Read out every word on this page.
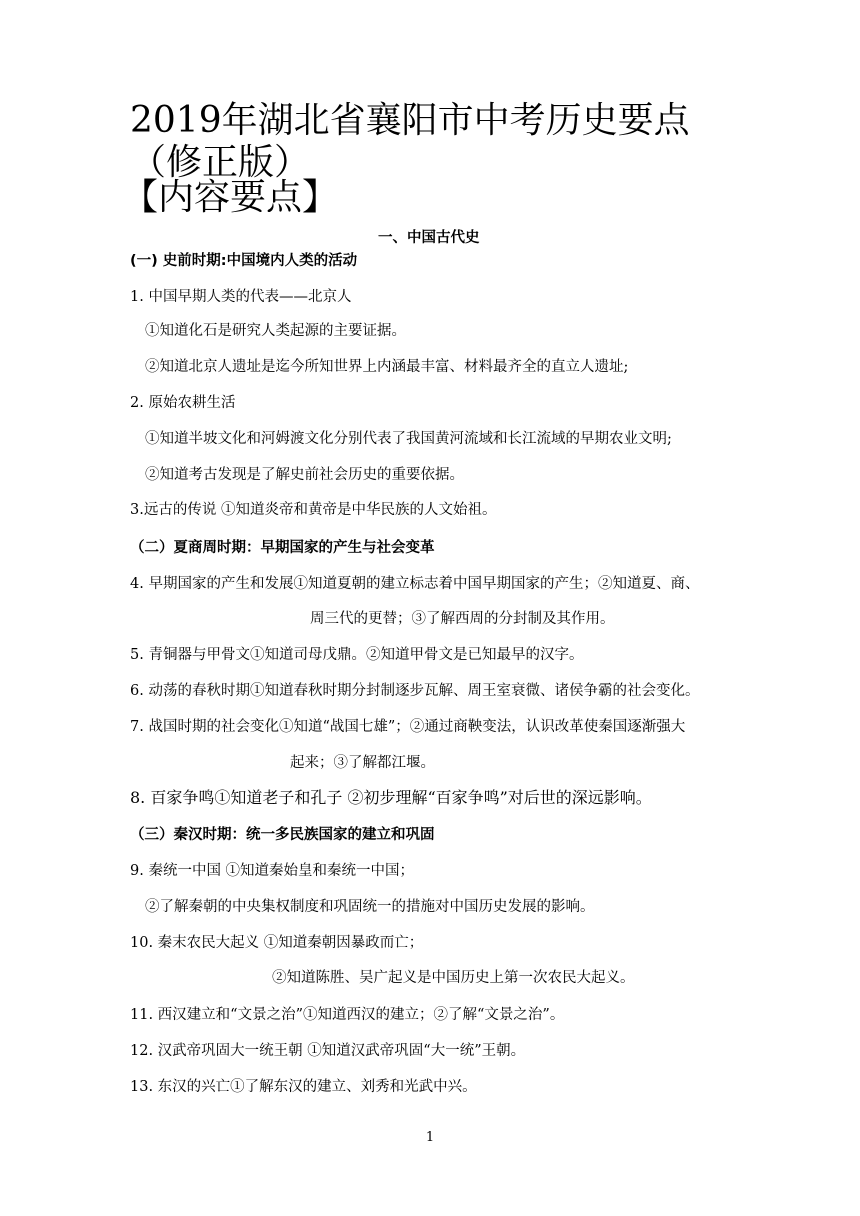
2019年湖北省襄阳市中考历史要点（修正版）
【内容要点】
一、中国古代史
(一) 史前时期:中国境内人类的活动
1. 中国早期人类的代表——北京人
①知道化石是研究人类起源的主要证据。
②知道北京人遗址是迄今所知世界上内涵最丰富、材料最齐全的直立人遗址;
2. 原始农耕生活
①知道半坡文化和河姆渡文化分别代表了我国黄河流域和长江流域的早期农业文明;
②知道考古发现是了解史前社会历史的重要依据。
3.远古的传说 ①知道炎帝和黄帝是中华民族的人文始祖。
（二）夏商周时期：早期国家的产生与社会变革
4. 早期国家的产生和发展①知道夏朝的建立标志着中国早期国家的产生；②知道夏、商、
周三代的更替；③了解西周的分封制及其作用。
5. 青铜器与甲骨文①知道司母戊鼎。②知道甲骨文是已知最早的汉字。
6. 动荡的春秋时期①知道春秋时期分封制逐步瓦解、周王室衰微、诸侯争霸的社会变化。
7. 战国时期的社会变化①知道“战国七雄”；②通过商鞅变法，认识改革使秦国逐渐强大
起来；③了解都江堰。
8. 百家争鸣①知道老子和孔子 ②初步理解“百家争鸣”对后世的深远影响。
（三）秦汉时期：统一多民族国家的建立和巩固
9. 秦统一中国 ①知道秦始皇和秦统一中国；
②了解秦朝的中央集权制度和巩固统一的措施对中国历史发展的影响。
10. 秦末农民大起义 ①知道秦朝因暴政而亡；
②知道陈胜、吴广起义是中国历史上第一次农民大起义。
11. 西汉建立和“文景之治”①知道西汉的建立；②了解“文景之治”。
12. 汉武帝巩固大一统王朝 ①知道汉武帝巩固“大一统”王朝。
13. 东汉的兴亡①了解东汉的建立、刘秀和光武中兴。
1
